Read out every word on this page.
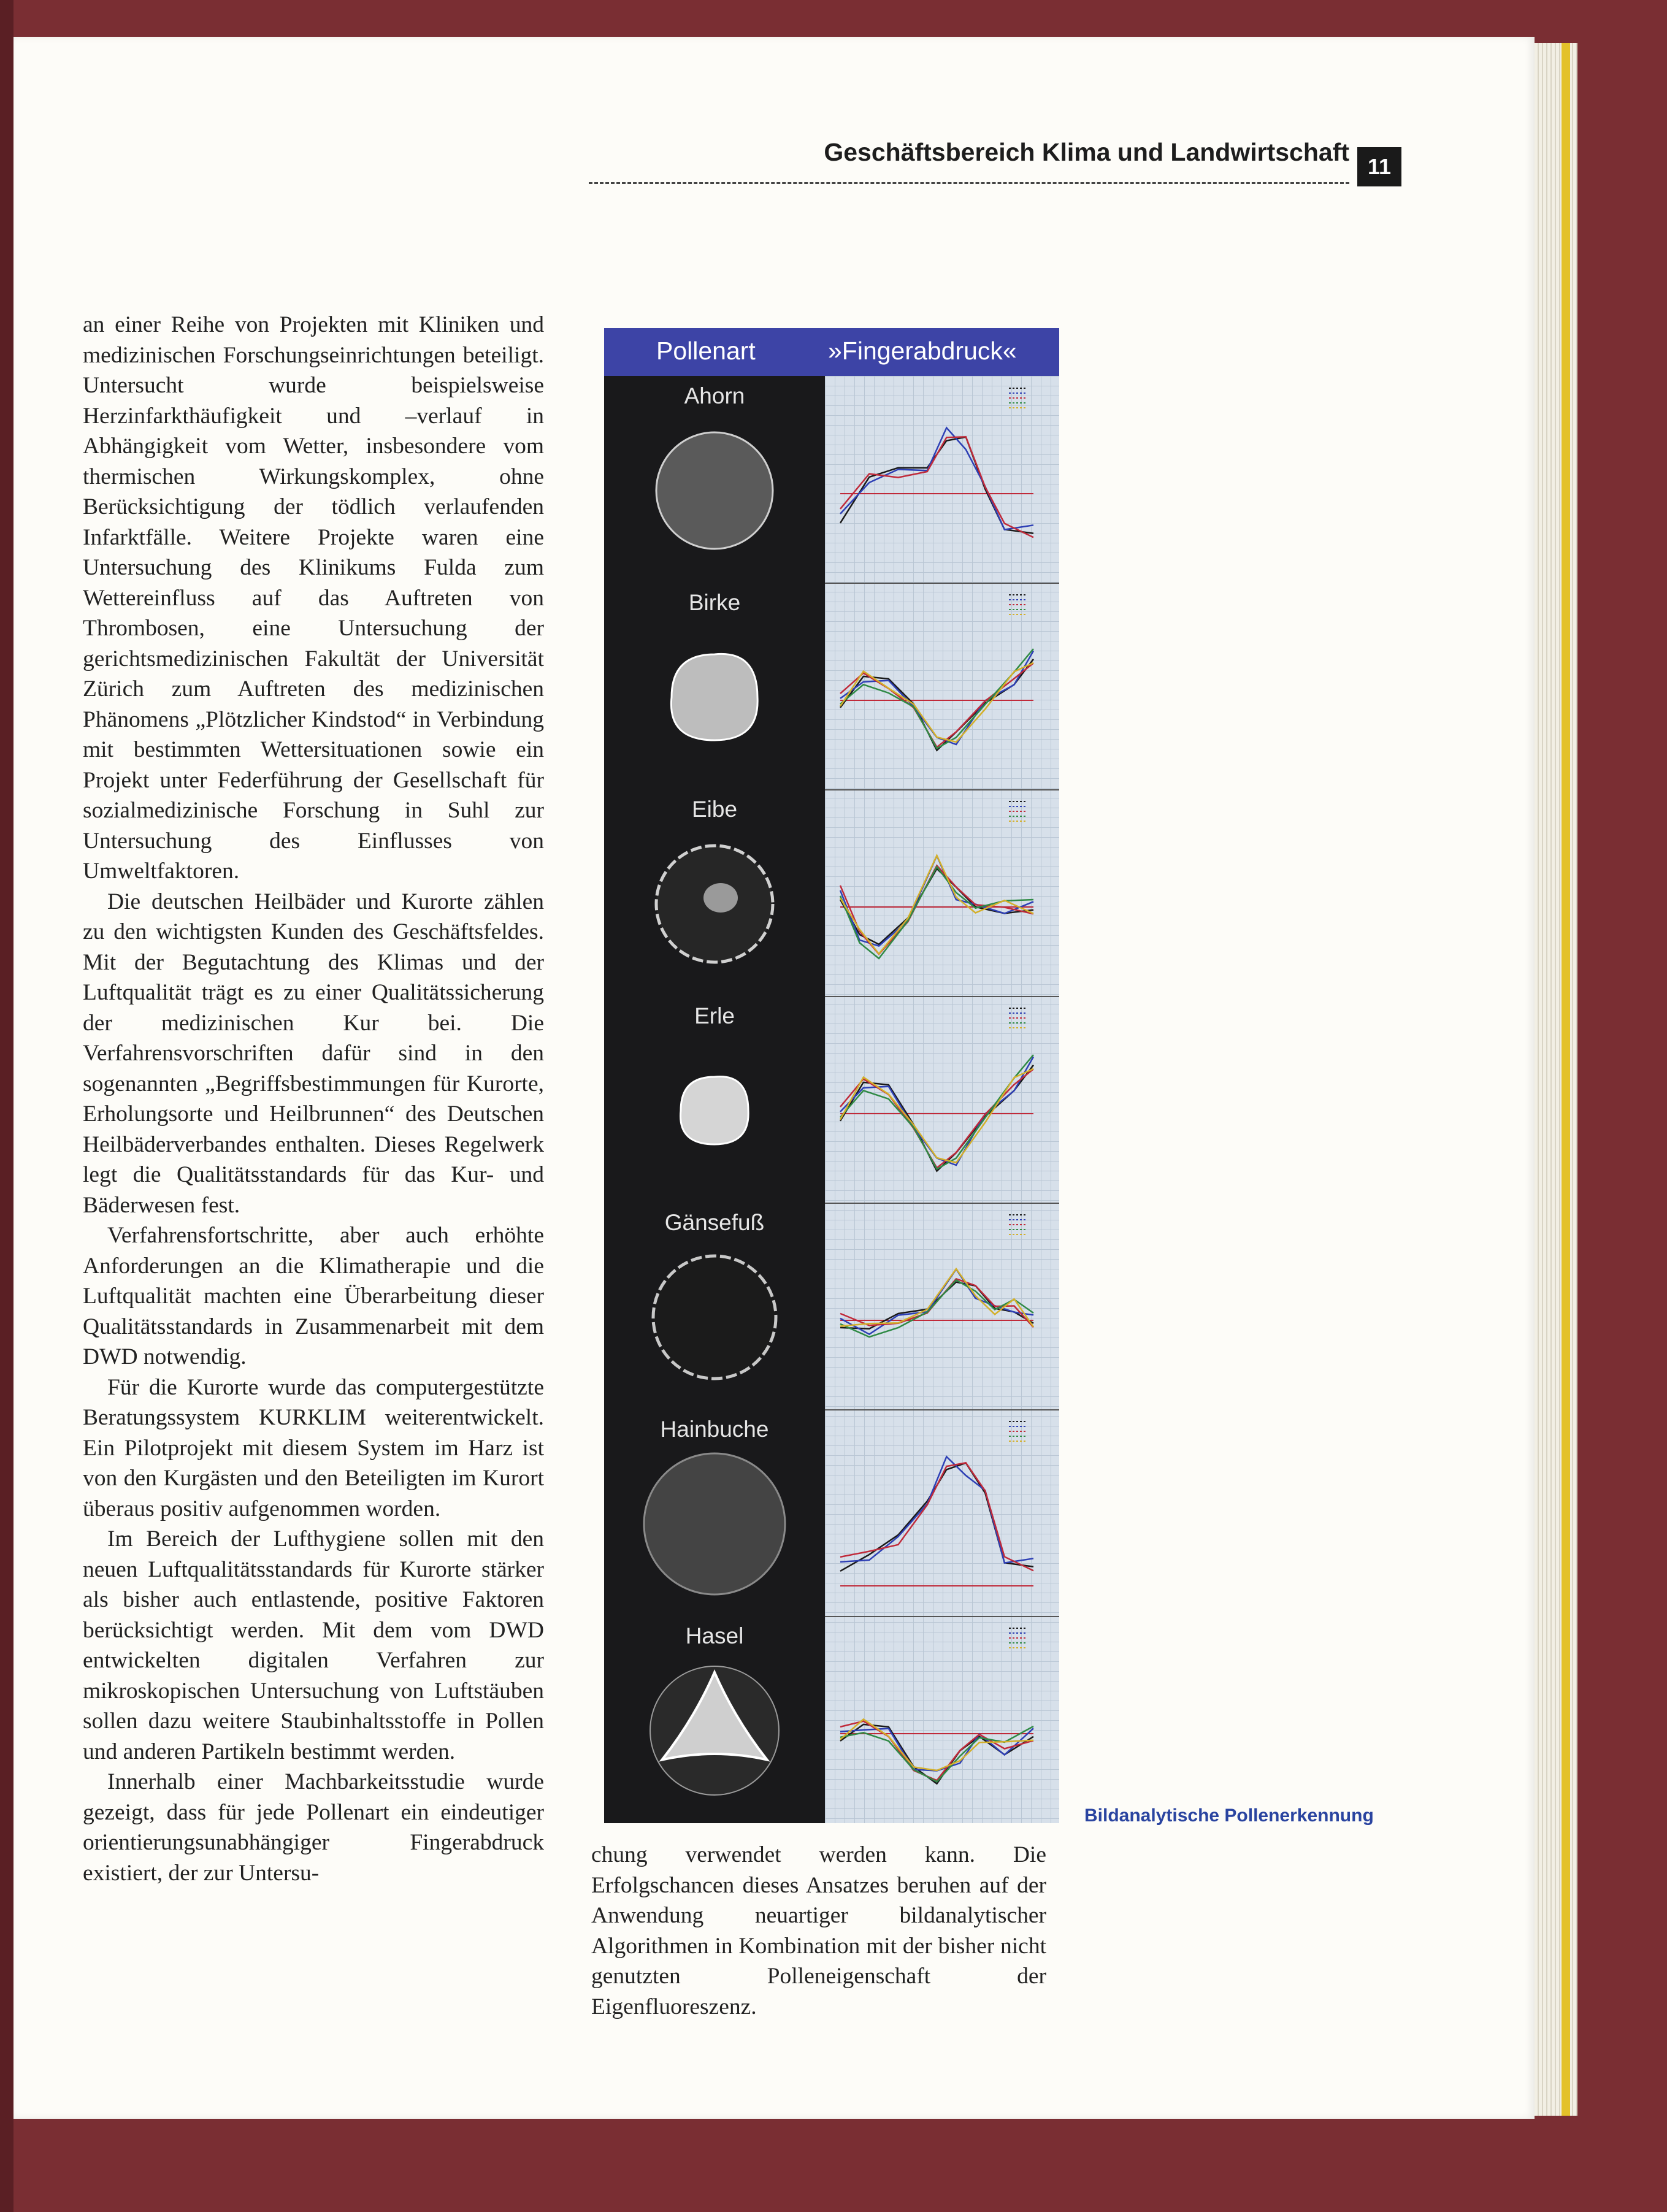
Geschäftsbereich Klima und Landwirtschaft
11

an einer Reihe von Projekten mit Kliniken und medizinischen Forschungseinrichtungen beteiligt. Untersucht wurde beispielsweise Herzinfarkthäufigkeit und –verlauf in Abhängigkeit vom Wetter, insbesondere vom thermischen Wirkungskomplex, ohne Berücksichtigung der tödlich verlaufenden Infarktfälle. Weitere Projekte waren eine Untersuchung des Klinikums Fulda zum Wettereinfluss auf das Auftreten von Thrombosen, eine Untersuchung der gerichtsmedizinischen Fakultät der Universität Zürich zum Auftreten des medizinischen Phänomens „Plötzlicher Kindstod“ in Verbindung mit bestimmten Wettersituationen sowie ein Projekt unter Federführung der Gesellschaft für sozialmedizinische Forschung in Suhl zur Untersuchung des Einflusses von Umweltfaktoren.

Die deutschen Heilbäder und Kurorte zählen zu den wichtigsten Kunden des Geschäftsfeldes. Mit der Begutachtung des Klimas und der Luftqualität trägt es zu einer Qualitätssicherung der medizinischen Kur bei. Die Verfahrensvorschriften dafür sind in den sogenannten „Begriffsbestimmungen für Kurorte, Erholungsorte und Heilbrunnen“ des Deutschen Heilbäderverbandes enthalten. Dieses Regelwerk legt die Qualitätsstandards für das Kur- und Bäderwesen fest.

Verfahrensfortschritte, aber auch erhöhte Anforderungen an die Klimatherapie und die Luftqualität machten eine Überarbeitung dieser Qualitätsstandards in Zusammenarbeit mit dem DWD notwendig.

Für die Kurorte wurde das computergestützte Beratungssystem KURKLIM weiterentwickelt. Ein Pilotprojekt mit diesem System im Harz ist von den Kurgästen und den Beteiligten im Kurort überaus positiv aufgenommen worden.

Im Bereich der Lufthygiene sollen mit den neuen Luftqualitätsstandards für Kurorte stärker als bisher auch entlastende, positive Faktoren berücksichtigt werden. Mit dem vom DWD entwickelten digitalen Verfahren zur mikroskopischen Untersuchung von Luftstäuben sollen dazu weitere Staubinhaltsstoffe in Pollen und anderen Partikeln bestimmt werden.

Innerhalb einer Machbarkeitsstudie wurde gezeigt, dass für jede Pollenart ein eindeutiger orientierungsunabhängiger Fingerabdruck existiert, der zur Untersu-

Pollenart	»Fingerabdruck«
Ahorn
Birke
Eibe
Erle
Gänsefuß
Hainbuche
Hasel
chung verwendet werden kann. Die Erfolgschancen dieses Ansatzes beruhen auf der Anwendung neuartiger bildanalytischer Algorithmen in Kombination mit der bisher nicht genutzten Polleneigenschaft der Eigenfluoreszenz.
Bildanalytische Pollenerkennung
